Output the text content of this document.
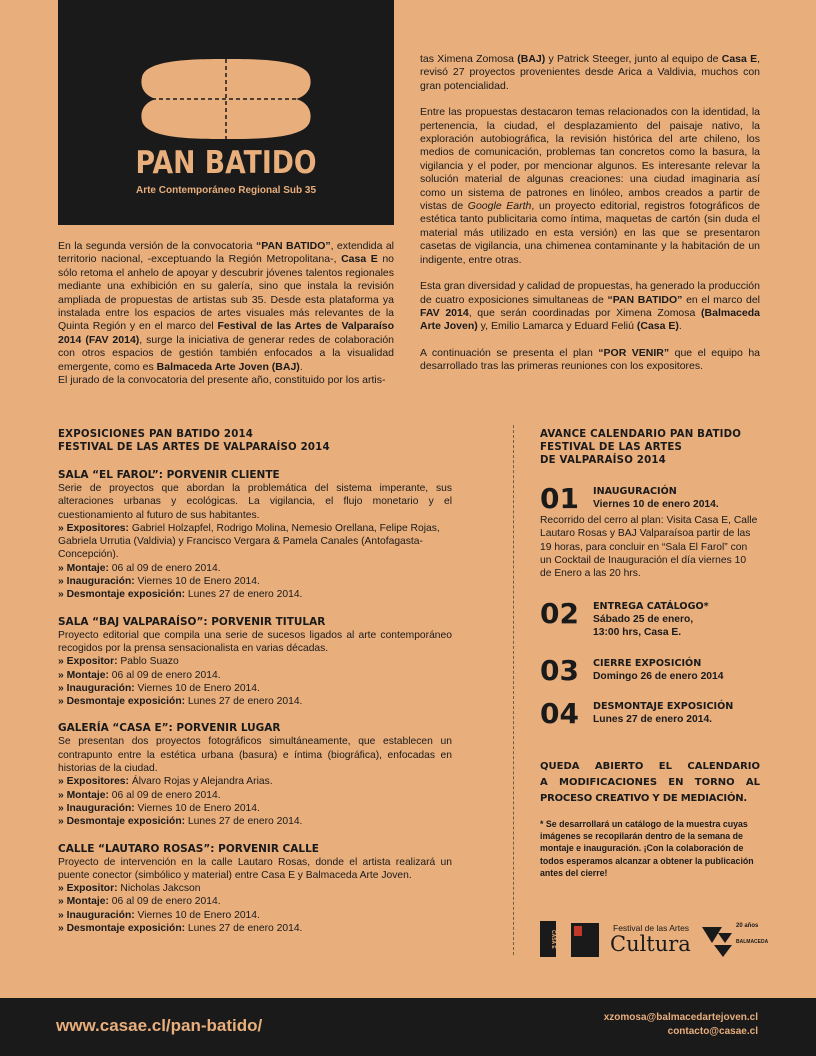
PAN BATIDO
Arte Contemporáneo Regional Sub 35

En la segunda versión de la convocatoria “PAN BATIDO”, extendida al territorio nacional, -exceptuando la Región Metropolitana-, Casa E no sólo retoma el anhelo de apoyar y descubrir jóvenes talentos regionales mediante una exhibición en su galería, sino que instala la revisión ampliada de propuestas de artistas sub 35. Desde esta plataforma ya instalada entre los espacios de artes visuales más relevantes de la Quinta Región y en el marco del Festival de las Artes de Valparaíso 2014 (FAV 2014), surge la iniciativa de generar redes de colaboración con otros espacios de gestión también enfocados a la visualidad emergente, como es Balmaceda Arte Joven (BAJ).
El jurado de la convocatoria del presente año, constituido por los artis-

tas Ximena Zomosa (BAJ) y Patrick Steeger, junto al equipo de Casa E, revisó 27 proyectos provenientes desde Arica a Valdivia, muchos con gran potencialidad.

Entre las propuestas destacaron temas relacionados con la identidad, la pertenencia, la ciudad, el desplazamiento del paisaje nativo, la exploración autobiográfica, la revisión histórica del arte chileno, los medios de comunicación, problemas tan concretos como la basura, la vigilancia y el poder, por mencionar algunos. Es interesante relevar la solución material de algunas creaciones: una ciudad imaginaria así como un sistema de patrones en linóleo, ambos creados a partir de vistas de Google Earth, un proyecto editorial, registros fotográficos de estética tanto publicitaria como íntima, maquetas de cartón (sin duda el material más utilizado en esta versión) en las que se presentaron casetas de vigilancia, una chimenea contaminante y la habitación de un indigente, entre otras.

Esta gran diversidad y calidad de propuestas, ha generado la producción de cuatro exposiciones simultaneas de “PAN BATIDO” en el marco del FAV 2014, que serán coordinadas por Ximena Zomosa (Balmaceda Arte Joven) y, Emilio Lamarca y Eduard Feliú (Casa E).

A continuación se presenta el plan “POR VENIR” que el equipo ha desarrollado tras las primeras reuniones con los expositores.

EXPOSICIONES PAN BATIDO 2014
FESTIVAL DE LAS ARTES DE VALPARAÍSO 2014
SALA “EL FAROL”: PORVENIR CLIENTE
Serie de proyectos que abordan la problemática del sistema imperante, sus alteraciones urbanas y ecológicas. La vigilancia, el flujo monetario y el cuestionamiento al futuro de sus habitantes.
» Expositores: Gabriel Holzapfel, Rodrigo Molina, Nemesio Orellana, Felipe Rojas, Gabriela Urrutia (Valdivia) y Francisco Vergara & Pamela Canales (Antofagasta-Concepción).
» Montaje: 06 al 09 de enero 2014.
» Inauguración: Viernes 10 de Enero 2014.
» Desmontaje exposición: Lunes 27 de enero 2014.
SALA “BAJ VALPARAÍSO”: PORVENIR TITULAR
Proyecto editorial que compila una serie de sucesos ligados al arte contemporáneo recogidos por la prensa sensacionalista en varias décadas.
» Expositor: Pablo Suazo
» Montaje: 06 al 09 de enero 2014.
» Inauguración: Viernes 10 de Enero 2014.
» Desmontaje exposición: Lunes 27 de enero 2014.
GALERÍA “CASA E”: PORVENIR LUGAR
Se presentan dos proyectos fotográficos simultáneamente, que establecen un contrapunto entre la estética urbana (basura) e íntima (biográfica), enfocadas en historias de la ciudad.
» Expositores: Álvaro Rojas y Alejandra Arias.
» Montaje: 06 al 09 de enero 2014.
» Inauguración: Viernes 10 de Enero 2014.
» Desmontaje exposición: Lunes 27 de enero 2014.
CALLE “LAUTARO ROSAS”: PORVENIR CALLE
Proyecto de intervención en la calle Lautaro Rosas, donde el artista realizará un puente conector (simbólico y material) entre Casa E y Balmaceda Arte Joven.
» Expositor: Nicholas Jakcson
» Montaje: 06 al 09 de enero 2014.
» Inauguración: Viernes 10 de Enero 2014.
» Desmontaje exposición: Lunes 27 de enero 2014.
AVANCE CALENDARIO PAN BATIDO
FESTIVAL DE LAS ARTES
DE VALPARAÍSO 2014
01 INAUGURACIÓN
Viernes 10 de enero 2014.
Recorrido del cerro al plan: Visita Casa E, Calle Lautaro Rosas y BAJ Valparaísoa partir de las 19 horas, para concluir en “Sala El Farol” con un Cocktail de Inauguración el día viernes 10 de Enero a las 20 hrs.
02 ENTREGA CATÁLOGO*
Sábado 25 de enero,
13:00 hrs, Casa E.
03 CIERRE EXPOSICIÓN
Domingo 26 de enero 2014
04 DESMONTAJE EXPOSICIÓN
Lunes 27 de enero 2014.
QUEDA ABIERTO EL CALENDARIO
A MODIFICACIONES EN TORNO AL
PROCESO CREATIVO Y DE MEDIACIÓN.
* Se desarrollará un catálogo de la muestra cuyas imágenes se recopilarán dentro de la semana de montaje e inauguración. ¡Con la colaboración de todos esperamos alcanzar a obtener la publicación antes del cierre!
CASA E
Festival de las Artes
Cultura
20 años
BALMACEDA
www.casae.cl/pan-batido/	xzomosa@balmacedartejoven.cl
contacto@casae.cl
